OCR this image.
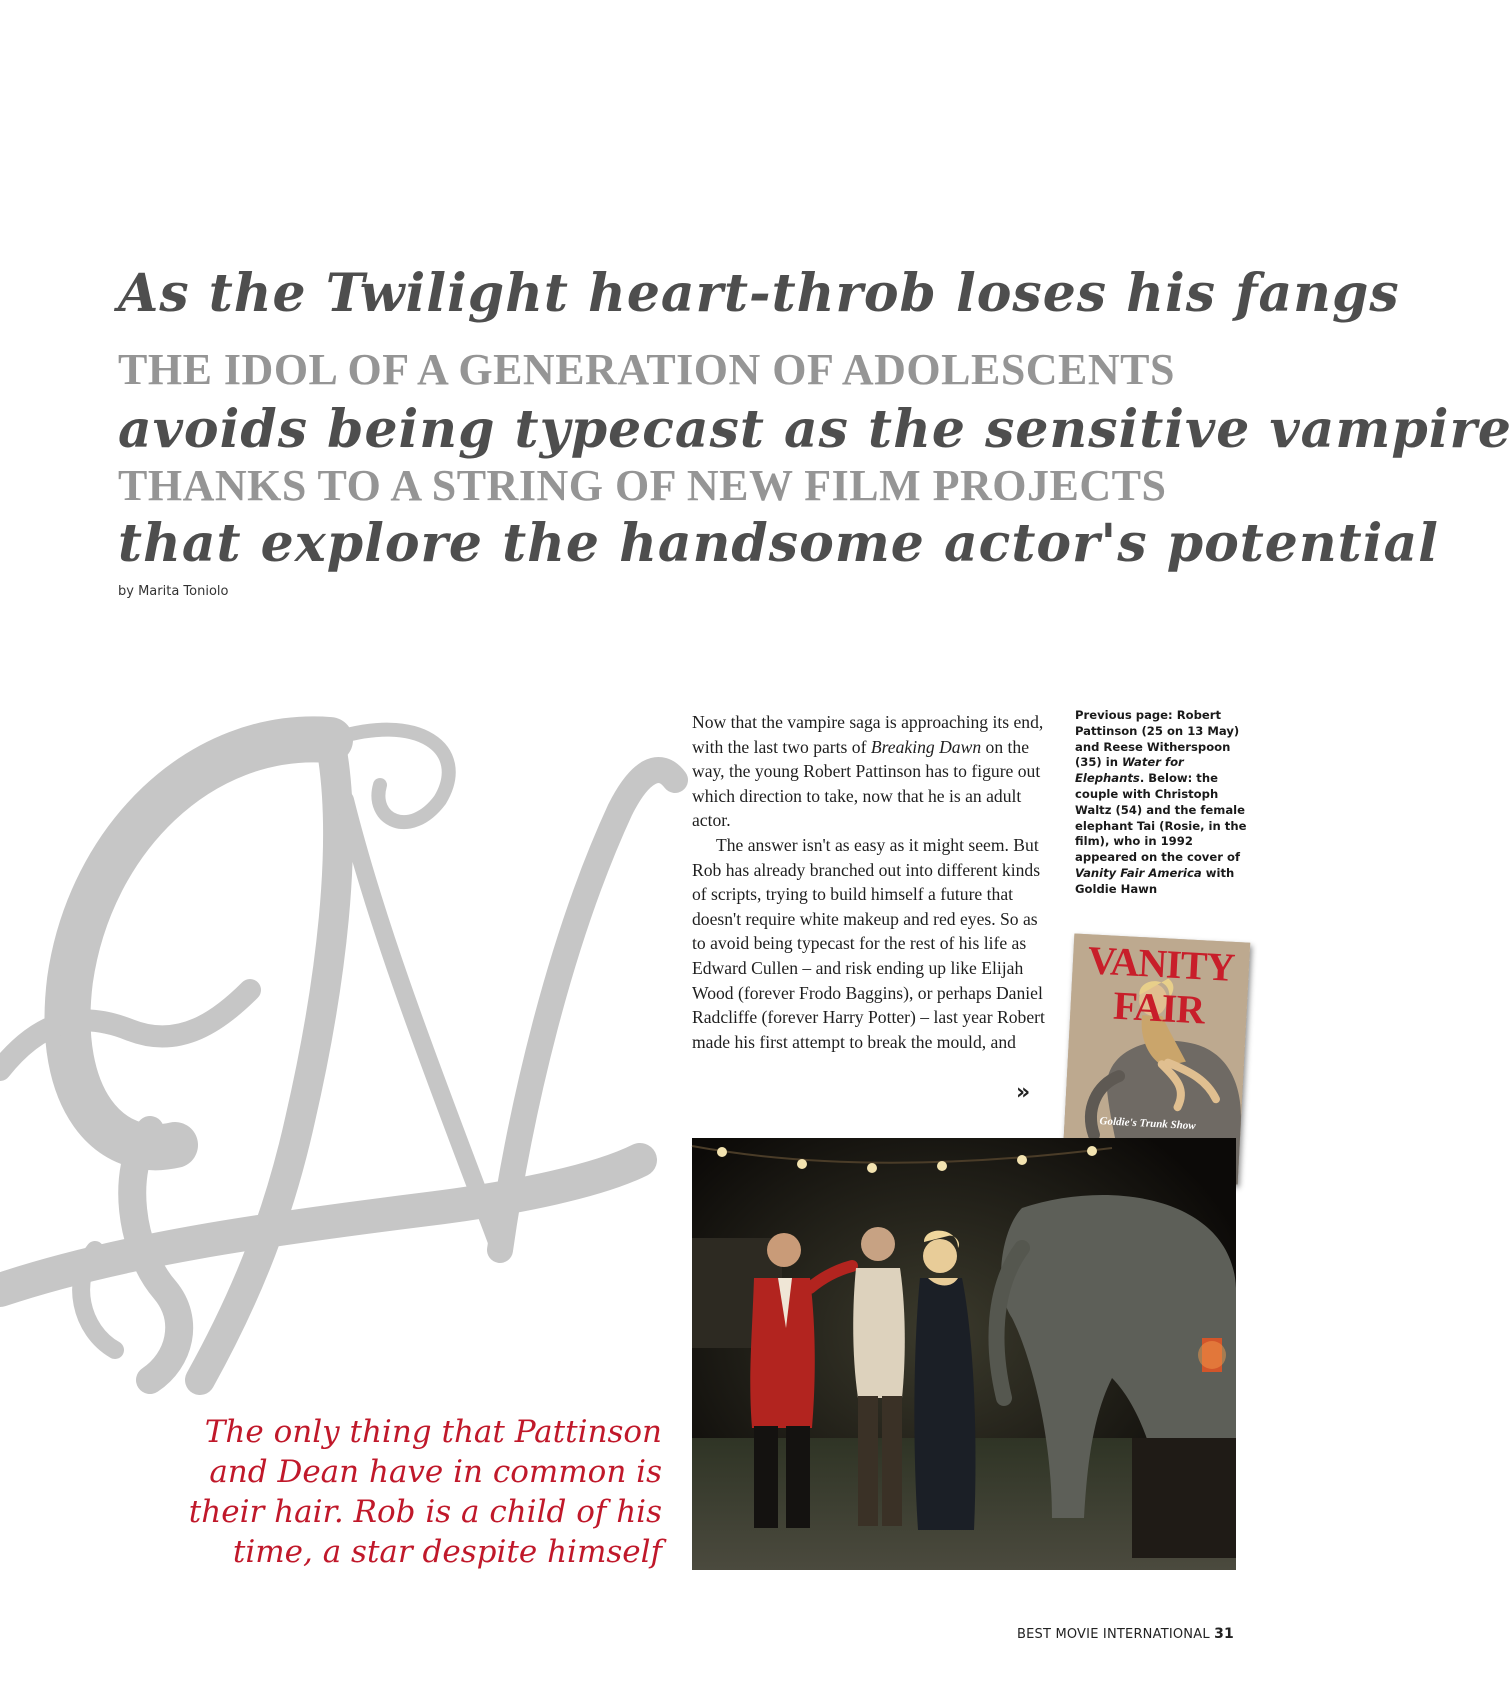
N
As the Twilight heart-throb loses his fangs
THE IDOL OF A GENERATION OF ADOLESCENTS
avoids being typecast as the sensitive vampire
THANKS TO A STRING OF NEW FILM PROJECTS
that explore the handsome actor's potential
by Marita Toniolo

Now that the vampire saga is approaching its end, with the last two parts of Breaking Dawn on the way, the young Robert Pattinson has to figure out which direction to take, now that he is an adult actor.

The answer isn't as easy as it might seem. But Rob has already branched out into different kinds of scripts, trying to build himself a future that doesn't require white makeup and red eyes. So as to avoid being typecast for the rest of his life as Edward Cullen – and risk ending up like Elijah Wood (forever Frodo Baggins), or perhaps Daniel Radcliffe (forever Harry Potter) – last year Robert made his first attempt to break the mould, and

»
Previous page: Robert Pattinson (25 on 13 May) and Reese Witherspoon (35) in Water for Elephants. Below: the couple with Christoph Waltz (54) and the female elephant Tai (Rosie, in the film), who in 1992 appeared on the cover of Vanity Fair America with Goldie Hawn
VANITY FAIR
Goldie's Trunk Show
The only thing that Pattinson
and Dean have in common is
their hair. Rob is a child of his
time, a star despite himself
BEST MOVIE INTERNATIONAL 31
